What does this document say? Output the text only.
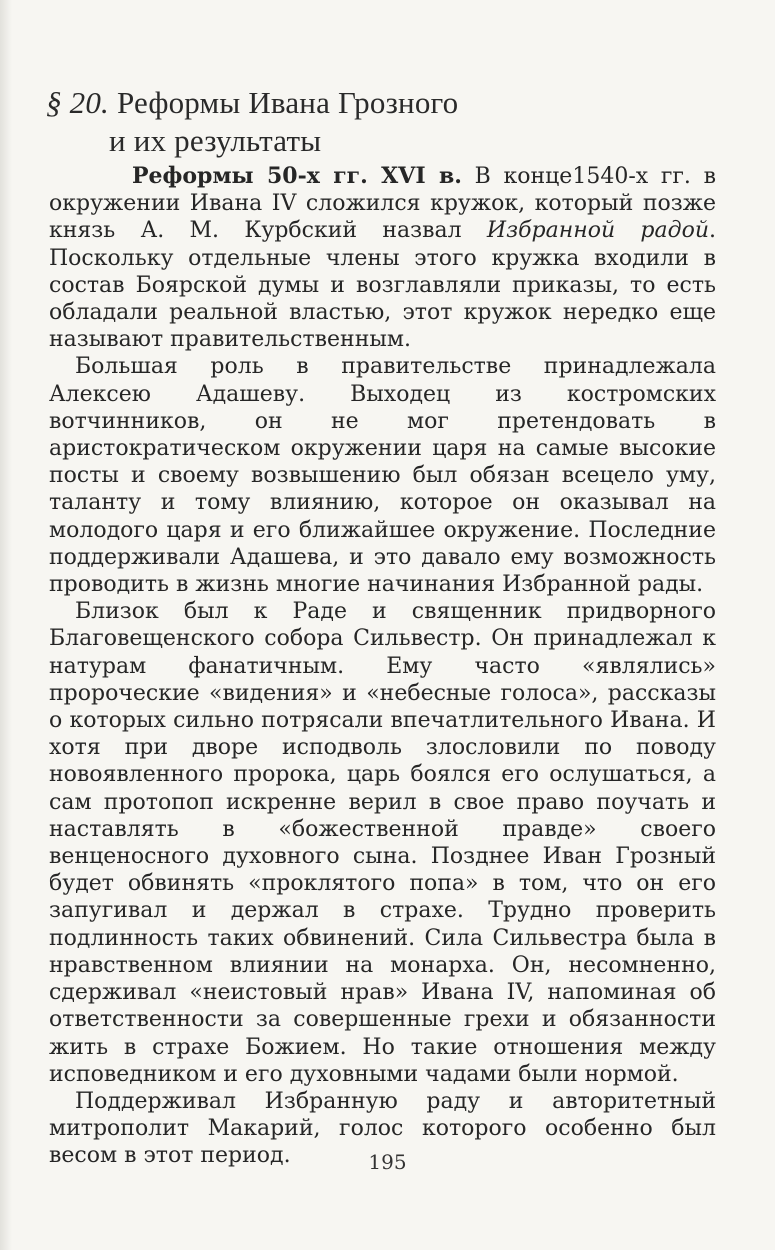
§ 20. Реформы Ивана Грозного
и их результаты

Реформы 50-х гг. XVI в. В конце1540-х гг. в окружении Ивана IV сложился кружок, который позже князь А. М. Курбский назвал Избранной радой. Поскольку отдельные члены этого кружка входили в состав Боярской думы и возглавляли приказы, то есть обладали реальной властью, этот кружок нередко еще называют правительственным.

Большая роль в правительстве принадлежала Алексею Адашеву. Выходец из костромских вотчинников, он не мог претендовать в аристократическом окружении царя на самые высокие посты и своему возвышению был обязан всецело уму, таланту и тому влиянию, которое он оказывал на молодого царя и его ближайшее окружение. Последние поддерживали Адашева, и это давало ему возможность проводить в жизнь многие начинания Избранной рады.

Близок был к Раде и священник придворного Благовещенского собора Сильвестр. Он принадлежал к натурам фанатичным. Ему часто «являлись» пророческие «видения» и «небесные голоса», рассказы о которых сильно потрясали впечатлительного Ивана. И хотя при дворе исподволь злословили по поводу новоявленного пророка, царь боялся его ослушаться, а сам протопоп искренне верил в свое право поучать и наставлять в «божественной правде» своего венценосного духовного сына. Позднее Иван Грозный будет обвинять «проклятого попа» в том, что он его запугивал и держал в страхе. Трудно проверить подлинность таких обвинений. Сила Сильвестра была в нравственном влиянии на монарха. Он, несомненно, сдерживал «неистовый нрав» Ивана IV, напоминая об ответственности за совершенные грехи и обязанности жить в страхе Божием. Но такие отношения между исповедником и его духовными чадами были нормой.

Поддерживал Избранную раду и авторитетный митрополит Макарий, голос которого особенно был весом в этот период.	195
